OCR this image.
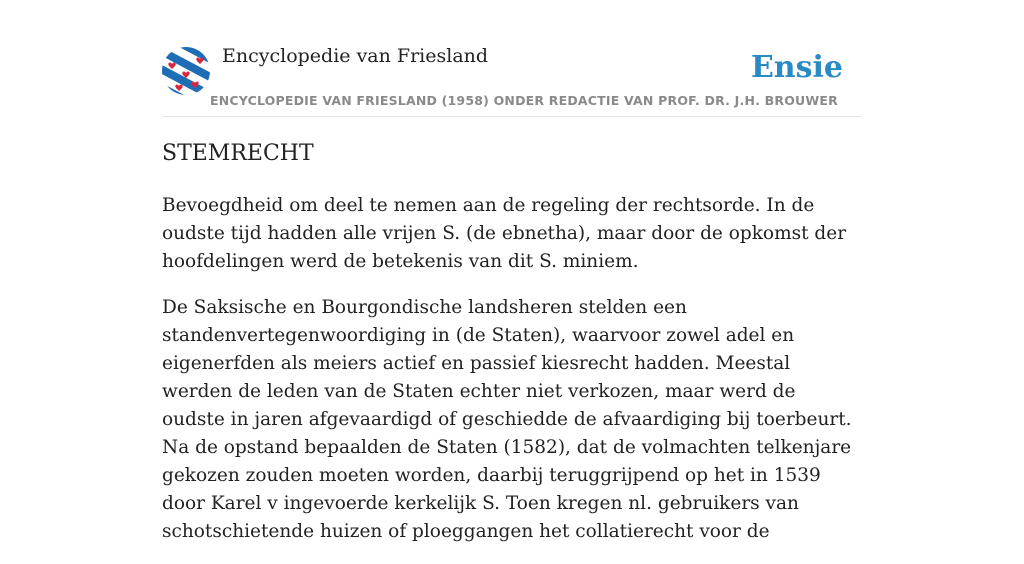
Encyclopedie van Friesland
ENCYCLOPEDIE VAN FRIESLAND (1958) ONDER REDACTIE VAN PROF. DR. J.H. BROUWER
Ensie
STEMRECHT

Bevoegdheid om deel te nemen aan de regeling der rechtsorde. In de oudste tijd hadden alle vrijen S. (de ebnetha), maar door de opkomst der hoofdelingen werd de betekenis van dit S. miniem.

De Saksische en Bourgondische landsheren stelden een standenvertegenwoordiging in (de Staten), waarvoor zowel adel en eigenerfden als meiers actief en passief kiesrecht hadden. Meestal werden de leden van de Staten echter niet verkozen, maar werd de oudste in jaren afgevaardigd of geschiedde de afvaardiging bij toerbeurt. Na de opstand bepaalden de Staten (1582), dat de volmachten telkenjare gekozen zouden moeten worden, daarbij teruggrijpend op het in 1539 door Karel v ingevoerde kerkelijk S. Toen kregen nl. gebruikers van schotschietende huizen of ploeggangen het collatierecht voor de
